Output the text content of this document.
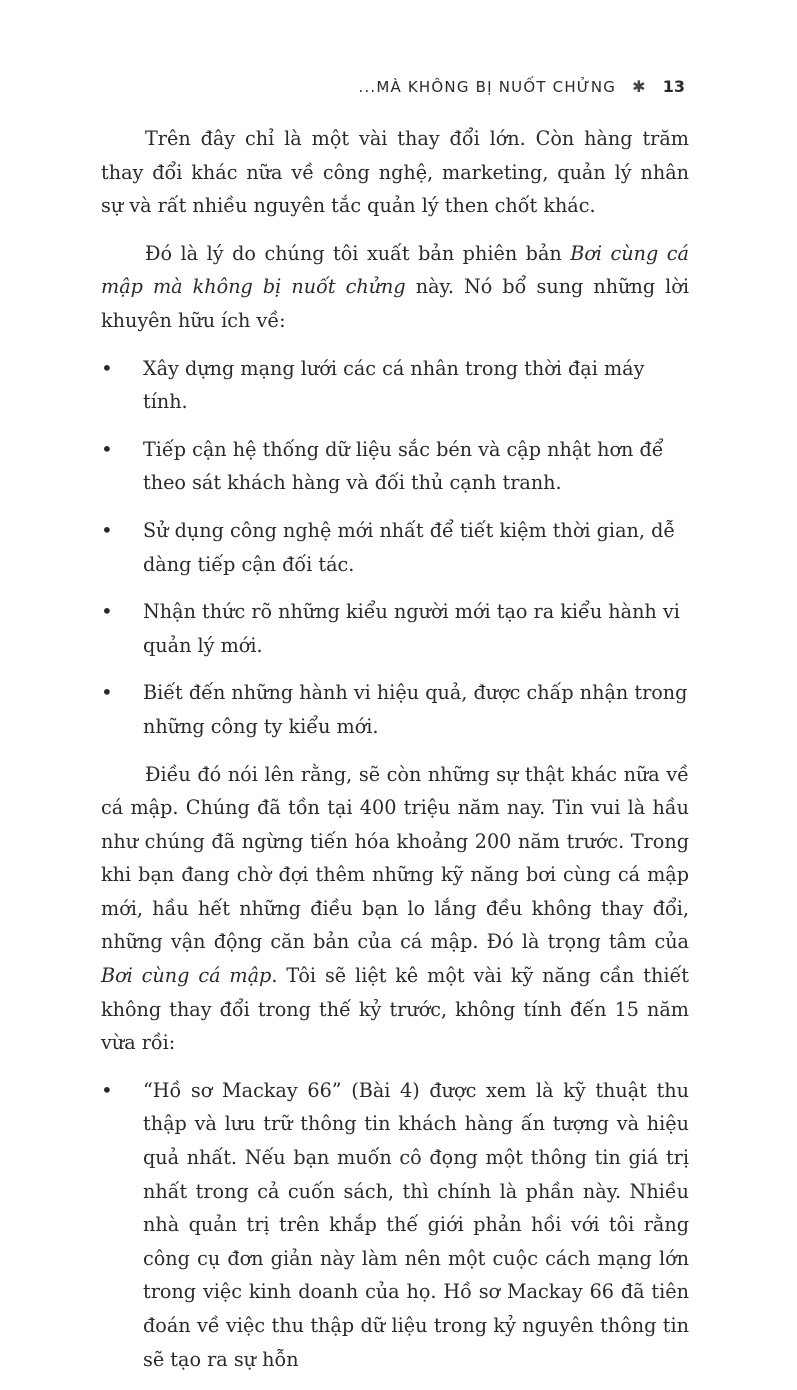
...MÀ KHÔNG BỊ NUỐT CHỬNG ✱ 13

Trên đây chỉ là một vài thay đổi lớn. Còn hàng trăm thay đổi khác nữa về công nghệ, marketing, quản lý nhân sự và rất nhiều nguyên tắc quản lý then chốt khác.

Đó là lý do chúng tôi xuất bản phiên bản Bơi cùng cá mập mà không bị nuốt chửng này. Nó bổ sung những lời khuyên hữu ích về:

• Xây dựng mạng lưới các cá nhân trong thời đại máy tính.
• Tiếp cận hệ thống dữ liệu sắc bén và cập nhật hơn để theo sát khách hàng và đối thủ cạnh tranh.
• Sử dụng công nghệ mới nhất để tiết kiệm thời gian, dễ dàng tiếp cận đối tác.
• Nhận thức rõ những kiểu người mới tạo ra kiểu hành vi quản lý mới.
• Biết đến những hành vi hiệu quả, được chấp nhận trong những công ty kiểu mới.

Điều đó nói lên rằng, sẽ còn những sự thật khác nữa về cá mập. Chúng đã tồn tại 400 triệu năm nay. Tin vui là hầu như chúng đã ngừng tiến hóa khoảng 200 năm trước. Trong khi bạn đang chờ đợi thêm những kỹ năng bơi cùng cá mập mới, hầu hết những điều bạn lo lắng đều không thay đổi, những vận động căn bản của cá mập. Đó là trọng tâm của Bơi cùng cá mập. Tôi sẽ liệt kê một vài kỹ năng cần thiết không thay đổi trong thế kỷ trước, không tính đến 15 năm vừa rồi:

• “Hồ sơ Mackay 66” (Bài 4) được xem là kỹ thuật thu thập và lưu trữ thông tin khách hàng ấn tượng và hiệu quả nhất. Nếu bạn muốn cô đọng một thông tin giá trị nhất trong cả cuốn sách, thì chính là phần này. Nhiều nhà quản trị trên khắp thế giới phản hồi với tôi rằng công cụ đơn giản này làm nên một cuộc cách mạng lớn trong việc kinh doanh của họ. Hồ sơ Mackay 66 đã tiên đoán về việc thu thập dữ liệu trong kỷ nguyên thông tin sẽ tạo ra sự hỗn
